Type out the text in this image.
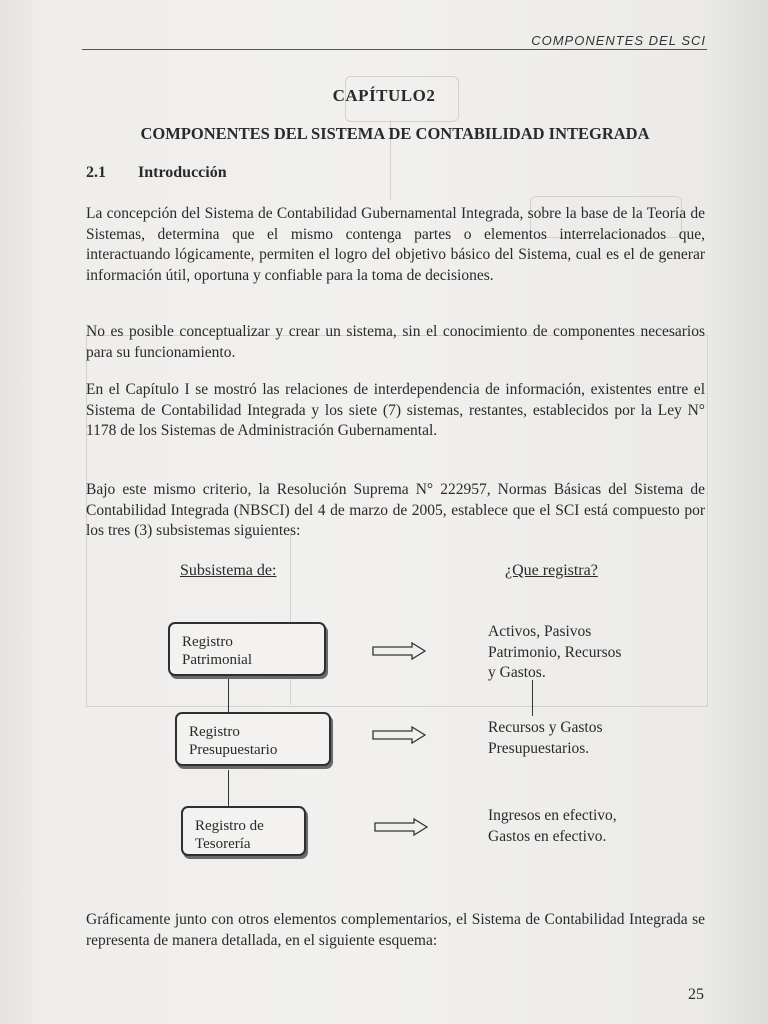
COMPONENTES DEL SCI
CAPÍTULO2
COMPONENTES DEL SISTEMA DE CONTABILIDAD INTEGRADA
2.1 Introducción
La concepción del Sistema de Contabilidad Gubernamental Integrada, sobre la base de la Teoría de Sistemas, determina que el mismo contenga partes o elementos interrelacionados que, interactuando lógicamente, permiten el logro del objetivo básico del Sistema, cual es el de generar información útil, oportuna y confiable para la toma de decisiones.
No es posible conceptualizar y crear un sistema, sin el conocimiento de componentes necesarios para su funcionamiento.
En el Capítulo I se mostró las relaciones de interdependencia de información, existentes entre el Sistema de Contabilidad Integrada y los siete (7) sistemas, restantes, establecidos por la Ley N° 1178 de los Sistemas de Administración Gubernamental.
Bajo este mismo criterio, la Resolución Suprema N° 222957, Normas Básicas del Sistema de Contabilidad Integrada (NBSCI) del 4 de marzo de 2005, establece que el SCI está compuesto por los tres (3) subsistemas siguientes:
Subsistema de:	¿Que registra?
Registro
Patrimonial
Registro
Presupuestario
Registro de
Tesorería
Activos, Pasivos
Patrimonio, Recursos
y Gastos.
Recursos y Gastos
Presupuestarios.
Ingresos en efectivo,
Gastos en efectivo.
Gráficamente junto con otros elementos complementarios, el Sistema de Contabilidad Integrada se representa de manera detallada, en el siguiente esquema:
25
